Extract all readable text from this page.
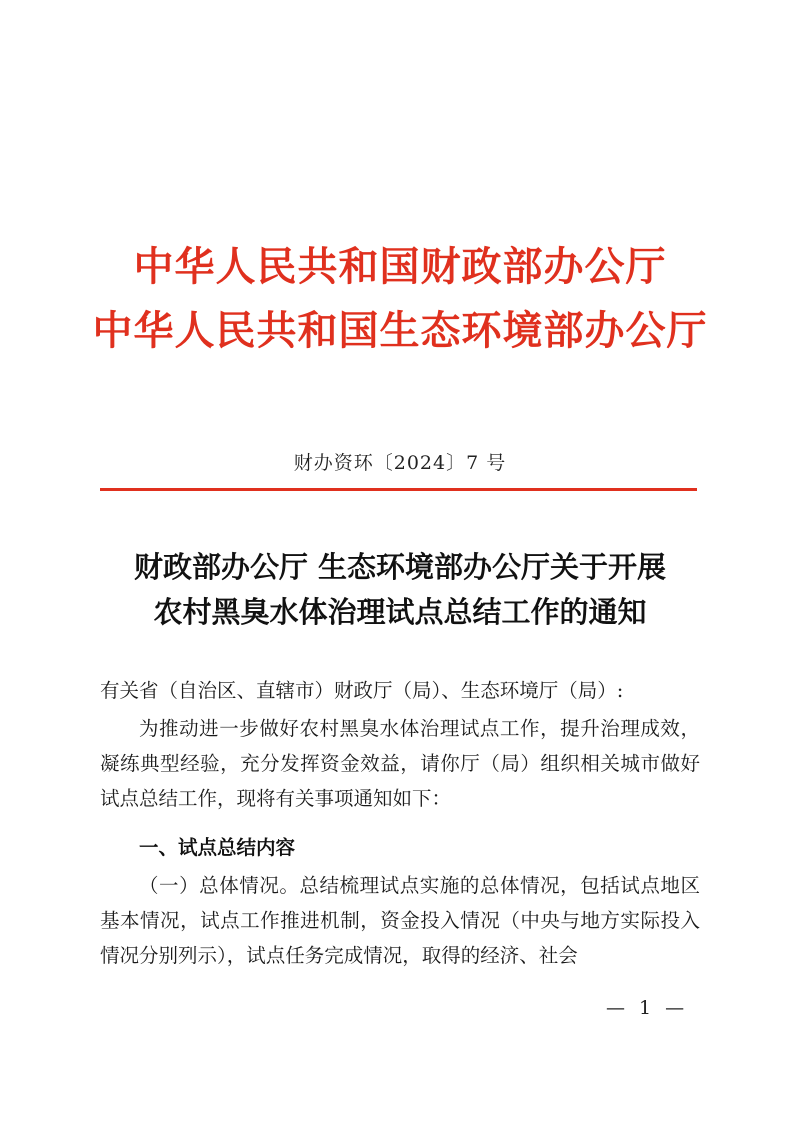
中华人民共和国财政部办公厅
中华人民共和国生态环境部办公厅
财办资环〔2024〕7 号
财政部办公厅 生态环境部办公厅关于开展
农村黑臭水体治理试点总结工作的通知

有关省（自治区、直辖市）财政厅（局）、生态环境厅（局）:

为推动进一步做好农村黑臭水体治理试点工作，提升治理成效，凝练典型经验，充分发挥资金效益，请你厅（局）组织相关城市做好试点总结工作，现将有关事项通知如下：

一、试点总结内容

（一）总体情况。总结梳理试点实施的总体情况，包括试点地区基本情况，试点工作推进机制，资金投入情况（中央与地方实际投入情况分别列示），试点任务完成情况，取得的经济、社会

— 1 —
